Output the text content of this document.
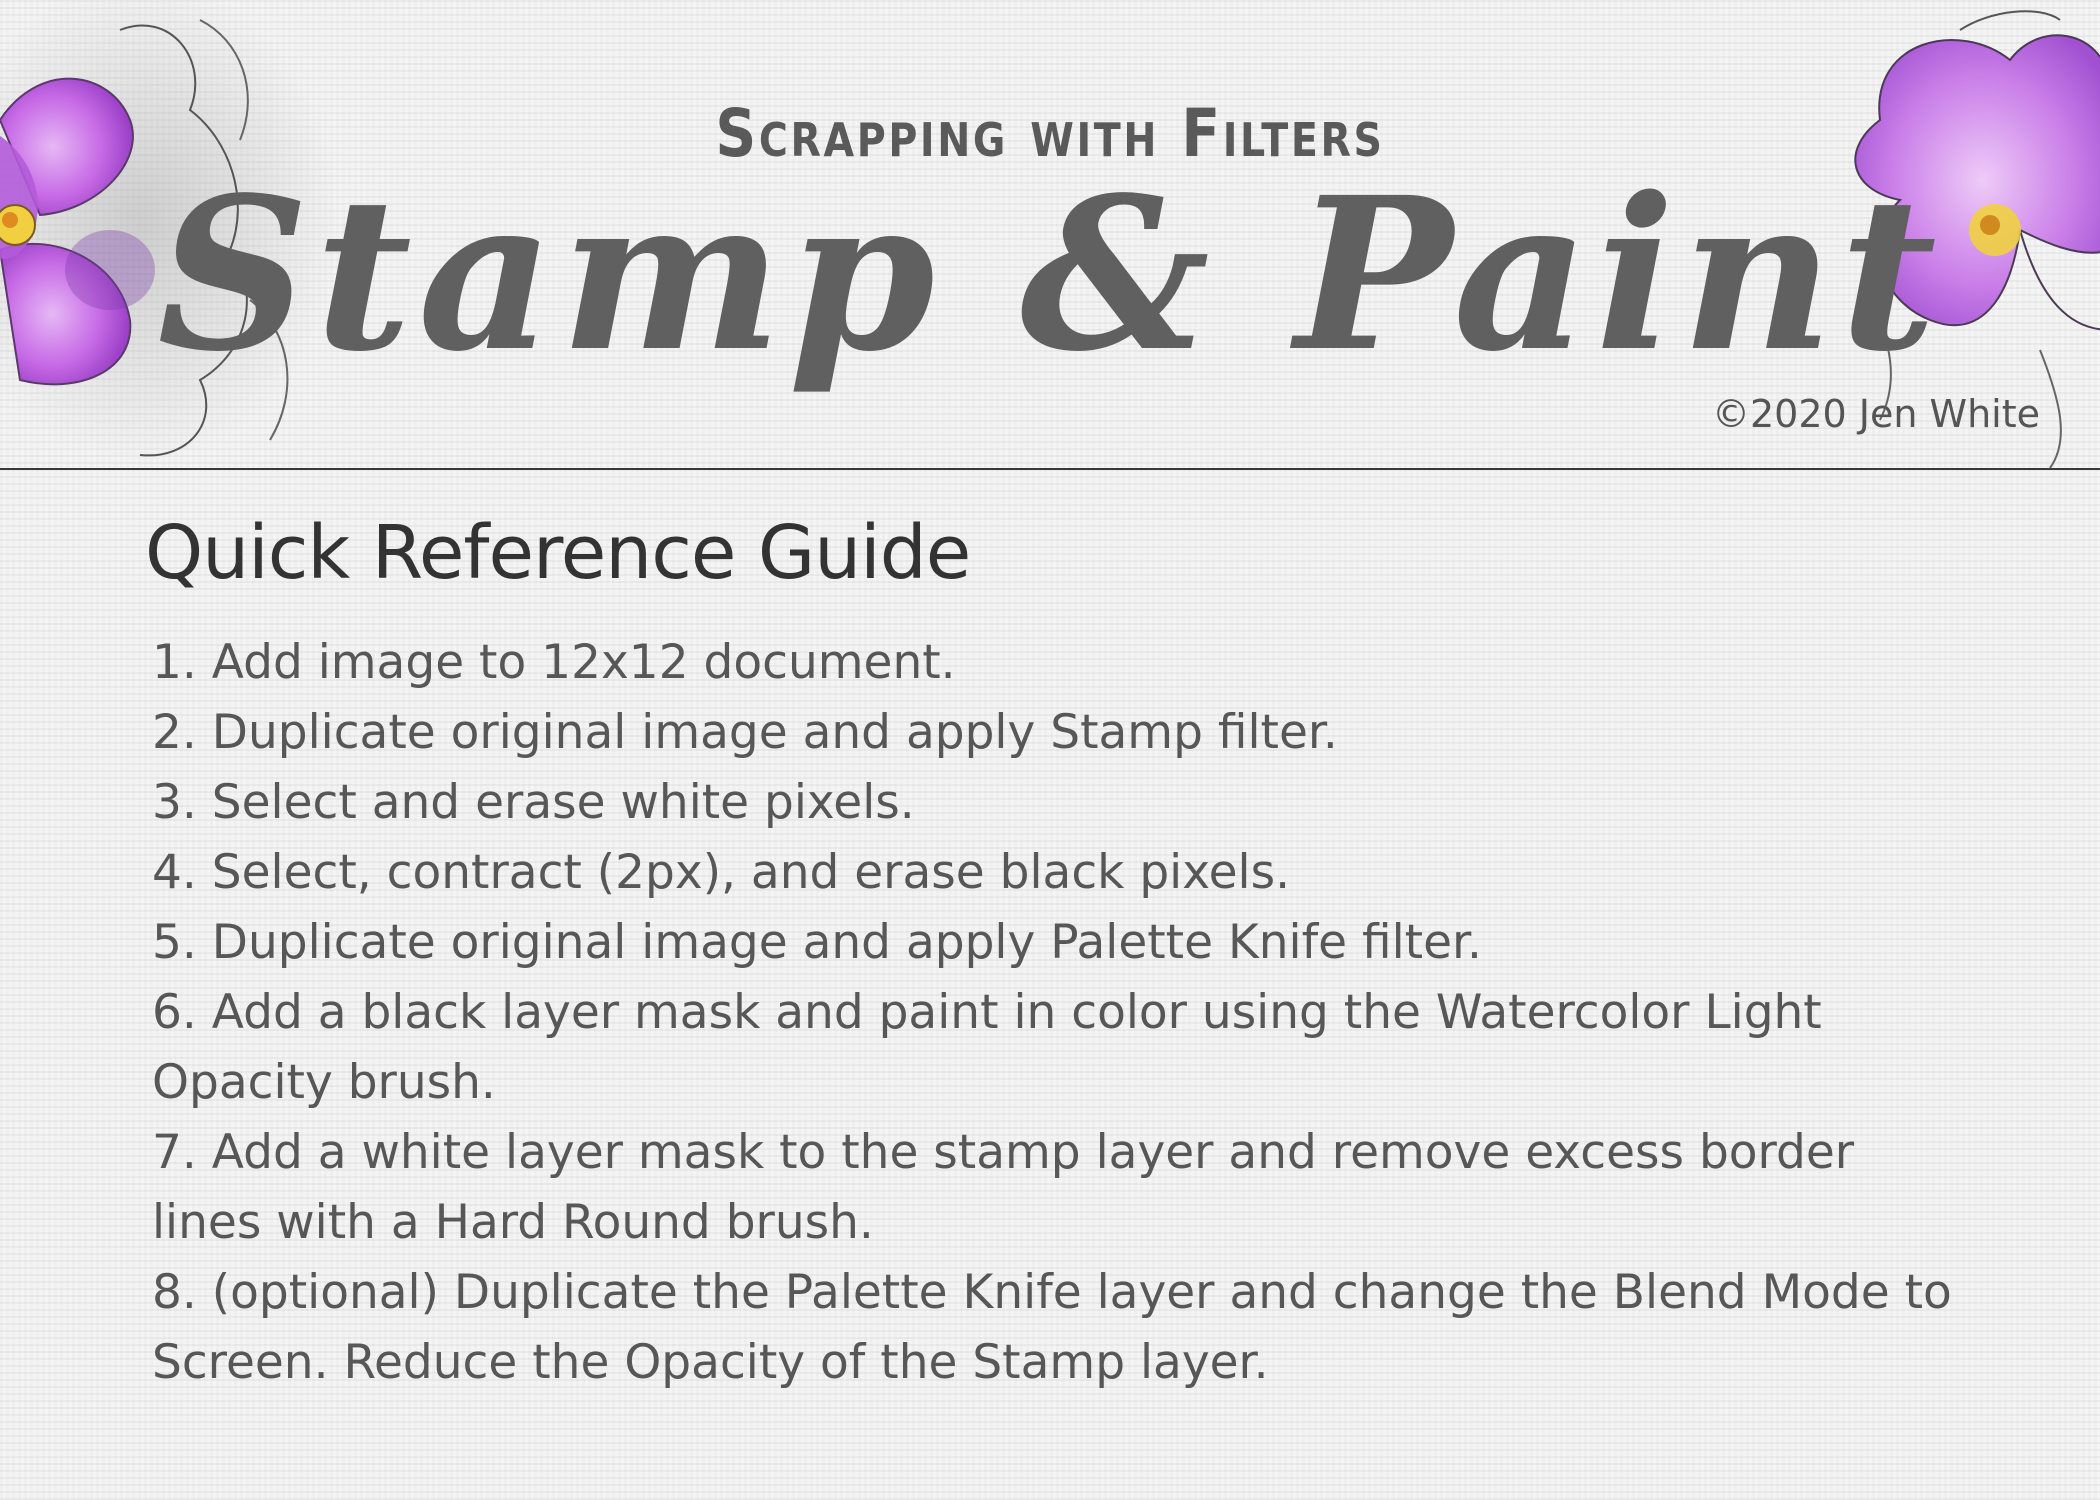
Scrapping with Filters
Stamp & Paint
©2020 Jen White
Quick Reference Guide
1. Add image to 12x12 document.
2. Duplicate original image and apply Stamp filter.
3. Select and erase white pixels.
4. Select, contract (2px), and erase black pixels.
5. Duplicate original image and apply Palette Knife filter.
6. Add a black layer mask and paint in color using the Watercolor Light Opacity brush.
7. Add a white layer mask to the stamp layer and remove excess border lines with a Hard Round brush.
8. (optional) Duplicate the Palette Knife layer and change the Blend Mode to Screen. Reduce the Opacity of the Stamp layer.
